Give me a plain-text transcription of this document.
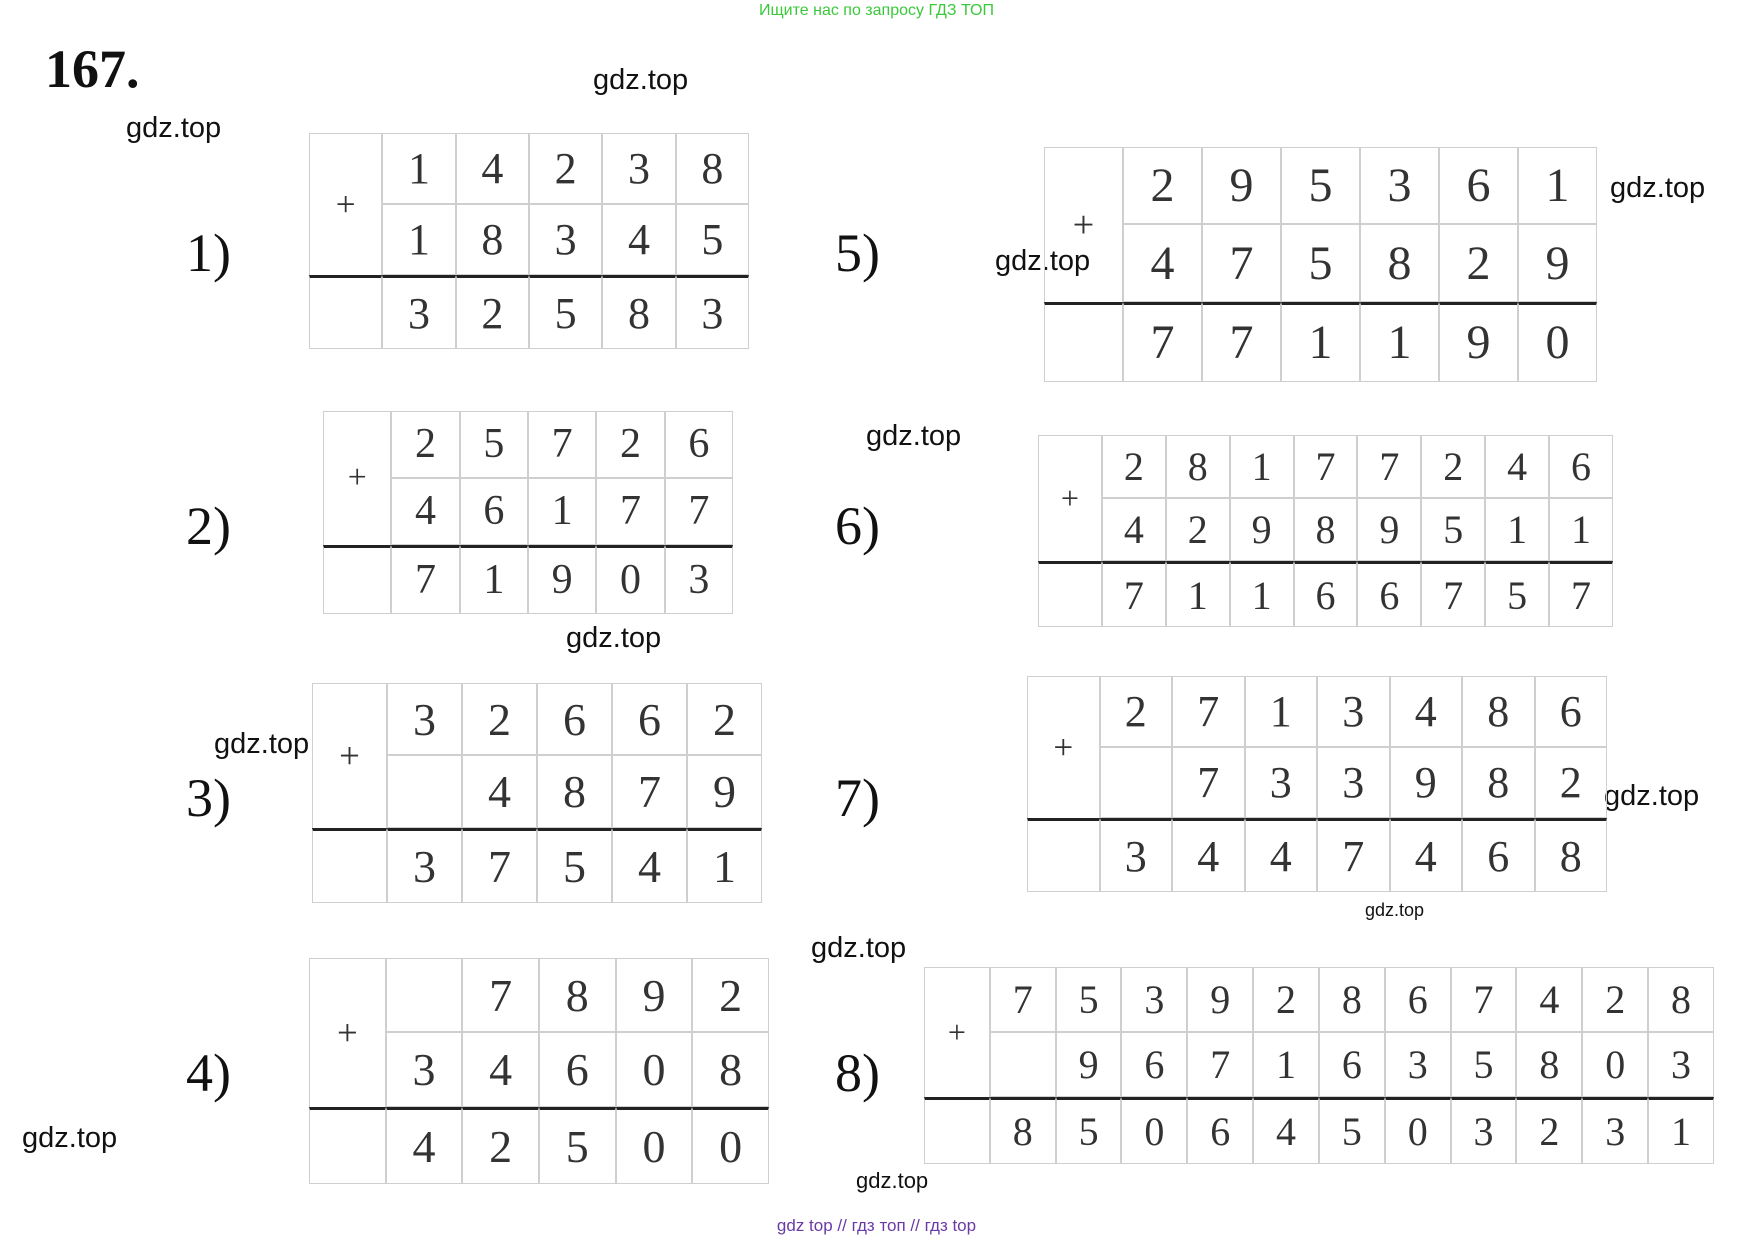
Ищите нас по запросу ГДЗ ТОП
167.	gdz.top
gdz.top
gdz.top
gdz.top
gdz.top
gdz.top
gdz.top
gdz.top
gdz.top
gdz.top
gdz.top
gdz.top
1)
2)
3)
4)
5)
6)
7)
8)
+	1	4	2	3	8
	1	8	3	4	5
	3	2	5	8	3
+	2	5	7	2	6
	4	6	1	7	7
	7	1	9	0	3
+	3	2	6	6	2
		4	8	7	9
	3	7	5	4	1
+		7	8	9	2
	3	4	6	0	8
	4	2	5	0	0
+	2	9	5	3	6	1
	4	7	5	8	2	9
	7	7	1	1	9	0
+	2	8	1	7	7	2	4	6
	4	2	9	8	9	5	1	1
	7	1	1	6	6	7	5	7
+	2	7	1	3	4	8	6
		7	3	3	9	8	2
	3	4	4	7	4	6	8
+	7	5	3	9	2	8	6	7	4	2	8
		9	6	7	1	6	3	5	8	0	3
	8	5	0	6	4	5	0	3	2	3	1
gdz top // гдз топ // гдз top
